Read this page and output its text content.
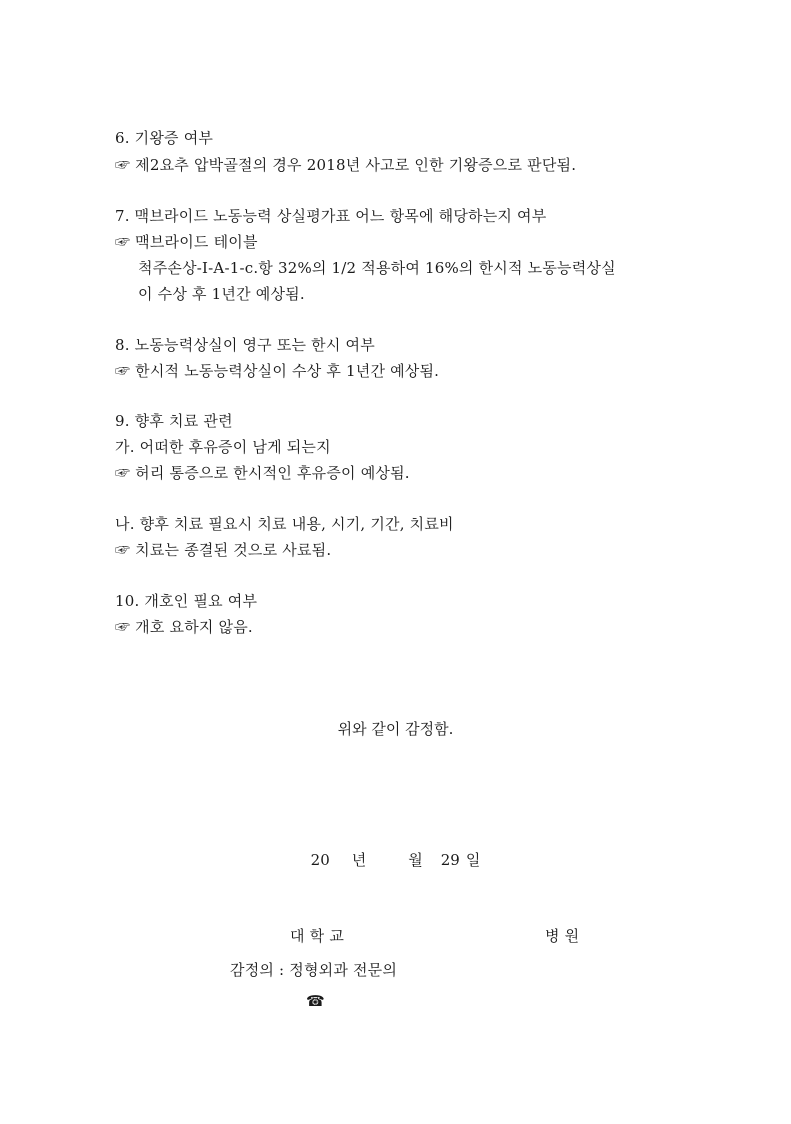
6. 기왕증 여부
☞ 제2요추 압박골절의 경우 2018년 사고로 인한 기왕증으로 판단됨.
7. 맥브라이드 노동능력 상실평가표 어느 항목에 해당하는지 여부
☞ 맥브라이드 테이블
척주손상-I-A-1-c.항 32%의 1/2 적용하여 16%의 한시적 노동능력상실
이 수상 후 1년간 예상됨.
8. 노동능력상실이 영구 또는 한시 여부
☞ 한시적 노동능력상실이 수상 후 1년간 예상됨.
9. 향후 치료 관련
가. 어떠한 후유증이 남게 되는지
☞ 허리 통증으로 한시적인 후유증이 예상됨.
나. 향후 치료 필요시 치료 내용, 시기, 기간, 치료비
☞ 치료는 종결된 것으로 사료됨.
10. 개호인 필요 여부
☞ 개호 요하지 않음.
위와 같이 감정함.
20 년	월 29 일
대 학 교	병 원
감정의 : 정형외과 전문의
☎
